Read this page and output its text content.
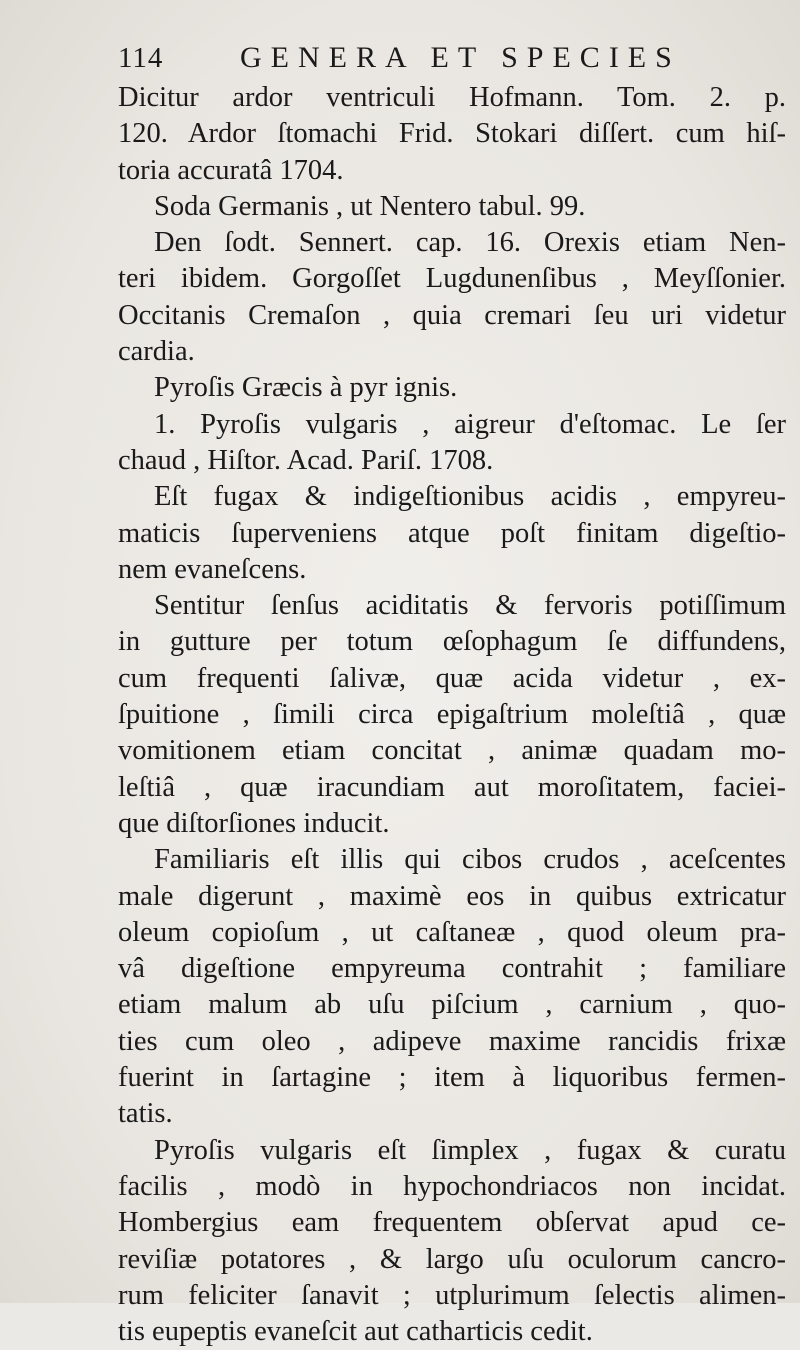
114	GENERA ET SPECIES
Dicitur ardor ventriculi Hofmann. Tom. 2. p.
120. Ardor ſtomachi Frid. Stokari diſſert. cum hiſ-
toria accuratâ 1704.
Soda Germanis , ut Nentero tabul. 99.
Den ſodt. Sennert. cap. 16. Orexis etiam Nen-
teri ibidem. Gorgoſſet Lugdunenſibus , Meyſſonier.
Occitanis Cremaſon , quia cremari ſeu uri videtur
cardia.
Pyroſis Græcis à pyr ignis.
1. Pyroſis vulgaris , aigreur d'eſtomac. Le ſer
chaud , Hiſtor. Acad. Pariſ. 1708.
Eſt fugax & indigeſtionibus acidis , empyreu-
maticis ſuperveniens atque poſt finitam digeſtio-
nem evaneſcens.
Sentitur ſenſus aciditatis & fervoris potiſſimum
in gutture per totum œſophagum ſe diffundens,
cum frequenti ſalivæ, quæ acida videtur , ex-
ſpuitione , ſimili circa epigaſtrium moleſtiâ , quæ
vomitionem etiam concitat , animæ quadam mo-
leſtiâ , quæ iracundiam aut moroſitatem, faciei-
que diſtorſiones inducit.
Familiaris eſt illis qui cibos crudos , aceſcentes
male digerunt , maximè eos in quibus extricatur
oleum copioſum , ut caſtaneæ , quod oleum pra-
vâ digeſtione empyreuma contrahit ; familiare
etiam malum ab uſu piſcium , carnium , quo-
ties cum oleo , adipeve maxime rancidis frixæ
fuerint in ſartagine ; item à liquoribus fermen-
tatis.
Pyroſis vulgaris eſt ſimplex , fugax & curatu
facilis , modò in hypochondriacos non incidat.
Hombergius eam frequentem obſervat apud ce-
reviſiæ potatores , & largo uſu oculorum cancro-
rum feliciter ſanavit ; utplurimum ſelectis alimen-
tis eupeptis evaneſcit aut catharticis cedit.
